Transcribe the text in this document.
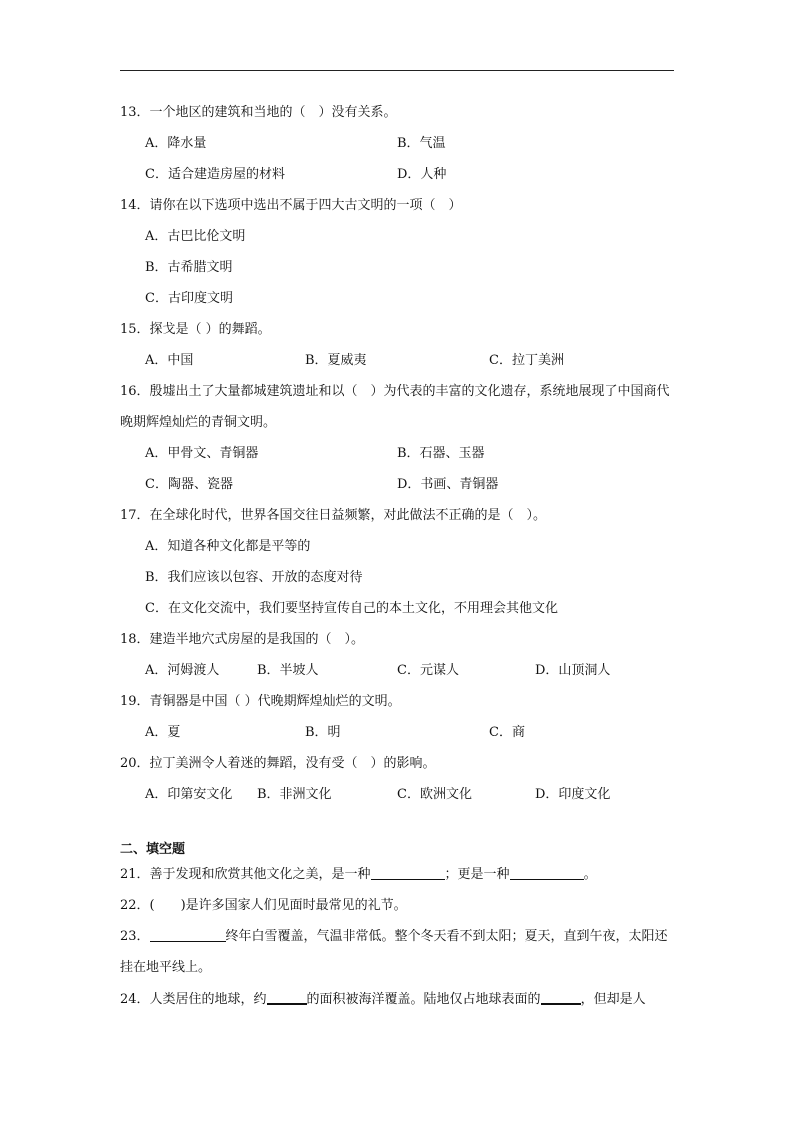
13．一个地区的建筑和当地的（　）没有关系。
A．降水量	B．气温
C．适合建造房屋的材料	D．人种
14．请你在以下选项中选出不属于四大古文明的一项（　）
A．古巴比伦文明
B．古希腊文明
C．古印度文明
15．探戈是（ ）的舞蹈。
A．中国	B．夏威夷	C．拉丁美洲
16．殷墟出土了大量都城建筑遗址和以（　）为代表的丰富的文化遗存，系统地展现了中国商代晚期辉煌灿烂的青铜文明。
A．甲骨文、青铜器	B．石器、玉器
C．陶器、瓷器	D．书画、青铜器
17．在全球化时代，世界各国交往日益频繁，对此做法不正确的是（　）。
A．知道各种文化都是平等的
B．我们应该以包容、开放的态度对待
C．在文化交流中，我们要坚持宣传自己的本土文化，不用理会其他文化
18．建造半地穴式房屋的是我国的（　）。
A．河姆渡人	B．半坡人	C．元谋人	D．山顶洞人
19．青铜器是中国（ ）代晚期辉煌灿烂的文明。
A．夏	B．明	C．商
20．拉丁美洲令人着迷的舞蹈，没有受（　）的影响。
A．印第安文化 B．非洲文化	C．欧洲文化	D．印度文化
二、填空题
21．善于发现和欣赏其他文化之美，是一种	；更是一种	。
22．(　　)是许多国家人们见面时最常见的礼节。
23．	终年白雪覆盖，气温非常低。整个冬天看不到太阳；夏天，直到午夜，太阳还挂在地平线上。
24．人类居住的地球，约	的面积被海洋覆盖。陆地仅占地球表面的	，但却是人
